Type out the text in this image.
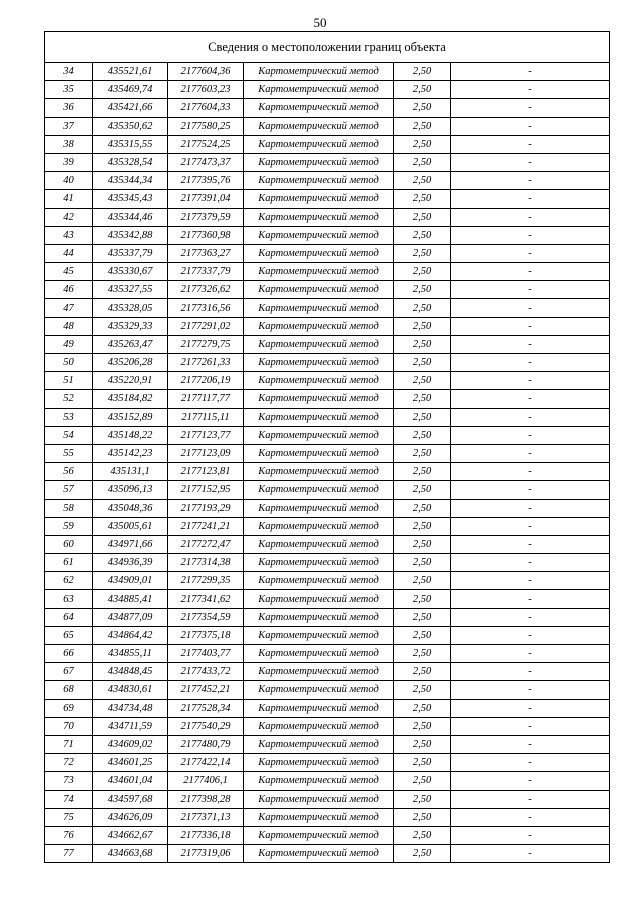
50
Сведения о местоположении границ объекта					
34	435521,61	2177604,36	Картометрический метод	2,50	-
35	435469,74	2177603,23	Картометрический метод	2,50	-
36	435421,66	2177604,33	Картометрический метод	2,50	-
37	435350,62	2177580,25	Картометрический метод	2,50	-
38	435315,55	2177524,25	Картометрический метод	2,50	-
39	435328,54	2177473,37	Картометрический метод	2,50	-
40	435344,34	2177395,76	Картометрический метод	2,50	-
41	435345,43	2177391,04	Картометрический метод	2,50	-
42	435344,46	2177379,59	Картометрический метод	2,50	-
43	435342,88	2177360,98	Картометрический метод	2,50	-
44	435337,79	2177363,27	Картометрический метод	2,50	-
45	435330,67	2177337,79	Картометрический метод	2,50	-
46	435327,55	2177326,62	Картометрический метод	2,50	-
47	435328,05	2177316,56	Картометрический метод	2,50	-
48	435329,33	2177291,02	Картометрический метод	2,50	-
49	435263,47	2177279,75	Картометрический метод	2,50	-
50	435206,28	2177261,33	Картометрический метод	2,50	-
51	435220,91	2177206,19	Картометрический метод	2,50	-
52	435184,82	2177117,77	Картометрический метод	2,50	-
53	435152,89	2177115,11	Картометрический метод	2,50	-
54	435148,22	2177123,77	Картометрический метод	2,50	-
55	435142,23	2177123,09	Картометрический метод	2,50	-
56	435131,1	2177123,81	Картометрический метод	2,50	-
57	435096,13	2177152,95	Картометрический метод	2,50	-
58	435048,36	2177193,29	Картометрический метод	2,50	-
59	435005,61	2177241,21	Картометрический метод	2,50	-
60	434971,66	2177272,47	Картометрический метод	2,50	-
61	434936,39	2177314,38	Картометрический метод	2,50	-
62	434909,01	2177299,35	Картометрический метод	2,50	-
63	434885,41	2177341,62	Картометрический метод	2,50	-
64	434877,09	2177354,59	Картометрический метод	2,50	-
65	434864,42	2177375,18	Картометрический метод	2,50	-
66	434855,11	2177403,77	Картометрический метод	2,50	-
67	434848,45	2177433,72	Картометрический метод	2,50	-
68	434830,61	2177452,21	Картометрический метод	2,50	-
69	434734,48	2177528,34	Картометрический метод	2,50	-
70	434711,59	2177540,29	Картометрический метод	2,50	-
71	434609,02	2177480,79	Картометрический метод	2,50	-
72	434601,25	2177422,14	Картометрический метод	2,50	-
73	434601,04	2177406,1	Картометрический метод	2,50	-
74	434597,68	2177398,28	Картометрический метод	2,50	-
75	434626,09	2177371,13	Картометрический метод	2,50	-
76	434662,67	2177336,18	Картометрический метод	2,50	-
77	434663,68	2177319,06	Картометрический метод	2,50	-
